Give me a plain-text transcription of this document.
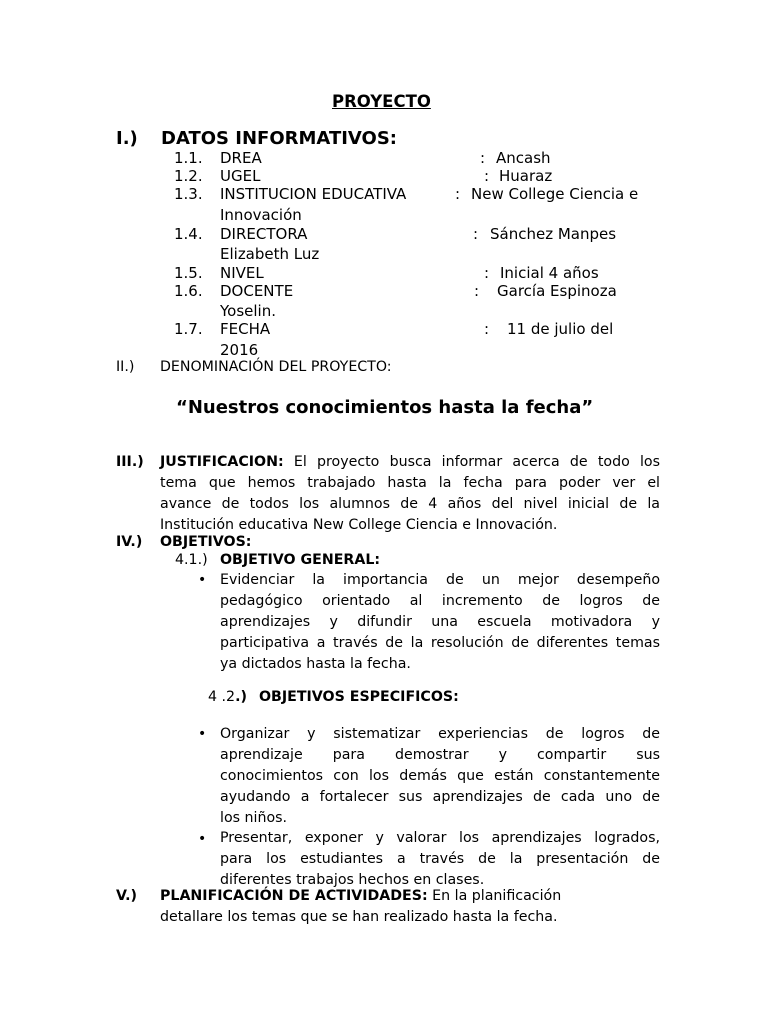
PROYECTO
I.) DATOS INFORMATIVOS:
1.1. DREA	: Ancash
1.2. UGEL	: Huaraz
1.3. INSTITUCION EDUCATIVA	: New College Ciencia e
Innovación
1.4. DIRECTORA	: Sánchez Manpes
Elizabeth Luz
1.5. NIVEL	: Inicial 4 años
1.6. DOCENTE	: García Espinoza
Yoselin.
1.7. FECHA	: 11 de julio del
2016
II.) DENOMINACIÓN DEL PROYECTO:
“Nuestros conocimientos hasta la fecha”
III.) JUSTIFICACION: El proyecto busca informar acerca de todo los
tema que hemos trabajado hasta la fecha para poder ver el
avance de todos los alumnos de 4 años del nivel inicial de la
Institución educativa New College Ciencia e Innovación.
IV.) OBJETIVOS:
4.1.) OBJETIVO GENERAL:
• Evidenciar la importancia de un mejor desempeño
pedagógico orientado al incremento de logros de
aprendizajes y difundir una escuela motivadora y
participativa a través de la resolución de diferentes temas
ya dictados hasta la fecha.
4 .2.) OBJETIVOS ESPECIFICOS:
• Organizar y sistematizar experiencias de logros de
aprendizaje para demostrar y compartir sus
conocimientos con los demás que están constantemente
ayudando a fortalecer sus aprendizajes de cada uno de
los niños.
• Presentar, exponer y valorar los aprendizajes logrados,
para los estudiantes a través de la presentación de
diferentes trabajos hechos en clases.
V.) PLANIFICACIÓN DE ACTIVIDADES: En la planificación
detallare los temas que se han realizado hasta la fecha.
